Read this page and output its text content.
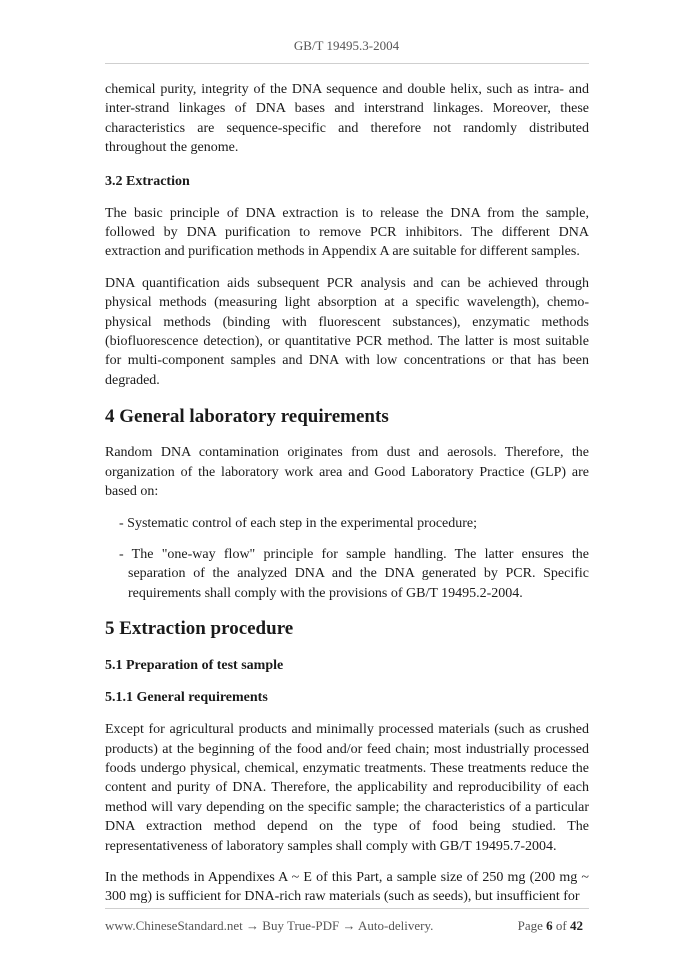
GB/T 19495.3-2004

chemical purity, integrity of the DNA sequence and double helix, such as intra- and inter-strand linkages of DNA bases and interstrand linkages. Moreover, these characteristics are sequence-specific and therefore not randomly distributed throughout the genome.

3.2 Extraction

The basic principle of DNA extraction is to release the DNA from the sample, followed by DNA purification to remove PCR inhibitors. The different DNA extraction and purification methods in Appendix A are suitable for different samples.

DNA quantification aids subsequent PCR analysis and can be achieved through physical methods (measuring light absorption at a specific wavelength), chemo-physical methods (binding with fluorescent substances), enzymatic methods (biofluorescence detection), or quantitative PCR method. The latter is most suitable for multi-component samples and DNA with low concentrations or that has been degraded.

4 General laboratory requirements

Random DNA contamination originates from dust and aerosols. Therefore, the organization of the laboratory work area and Good Laboratory Practice (GLP) are based on:

- Systematic control of each step in the experimental procedure;

- The "one-way flow" principle for sample handling. The latter ensures the separation of the analyzed DNA and the DNA generated by PCR. Specific requirements shall comply with the provisions of GB/T 19495.2-2004.

5 Extraction procedure
5.1 Preparation of test sample
5.1.1 General requirements

Except for agricultural products and minimally processed materials (such as crushed products) at the beginning of the food and/or feed chain; most industrially processed foods undergo physical, chemical, enzymatic treatments. These treatments reduce the content and purity of DNA. Therefore, the applicability and reproducibility of each method will vary depending on the specific sample; the characteristics of a particular DNA extraction method depend on the type of food being studied. The representativeness of laboratory samples shall comply with GB/T 19495.7-2004.

In the methods in Appendixes A ~ E of this Part, a sample size of 250 mg (200 mg ~ 300 mg) is sufficient for DNA-rich raw materials (such as seeds), but insufficient for

www.ChineseStandard.net → Buy True-PDF → Auto-delivery.	Page 6 of 42
